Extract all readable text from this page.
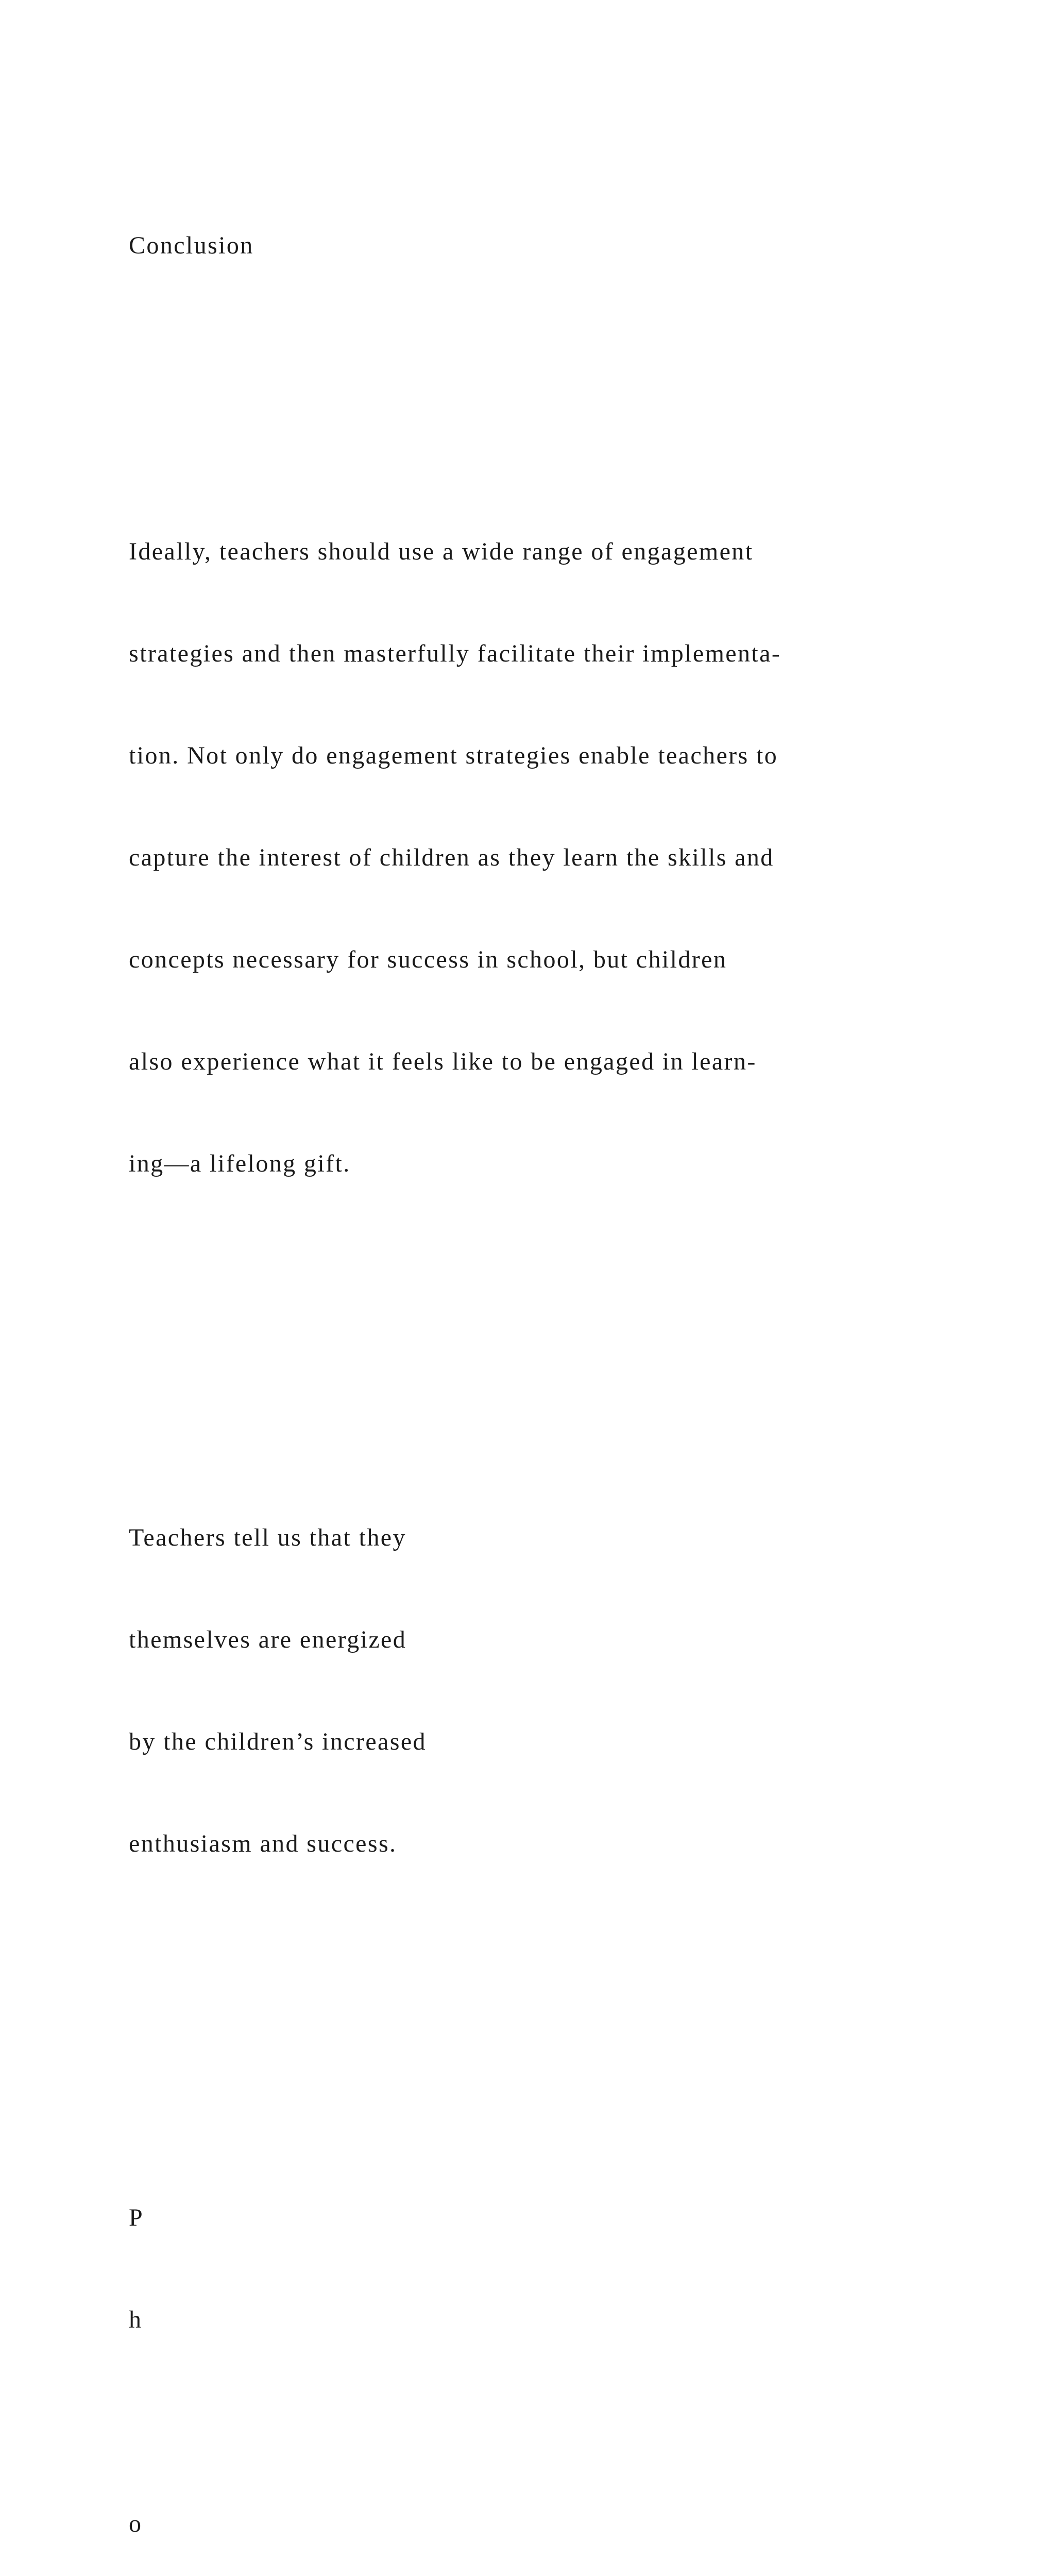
Conclusion

Ideally, teachers should use a wide range of engagement

strategies and then masterfully facilitate their implementa-

tion. Not only do engagement strategies enable teachers to

capture the interest of children as they learn the skills and

concepts necessary for success in school, but children

also experience what it feels like to be engaged in learn-

ing—a lifelong gift.

Teachers tell us that they

themselves are energized

by the children’s increased

enthusiasm and success.

P

h

o
